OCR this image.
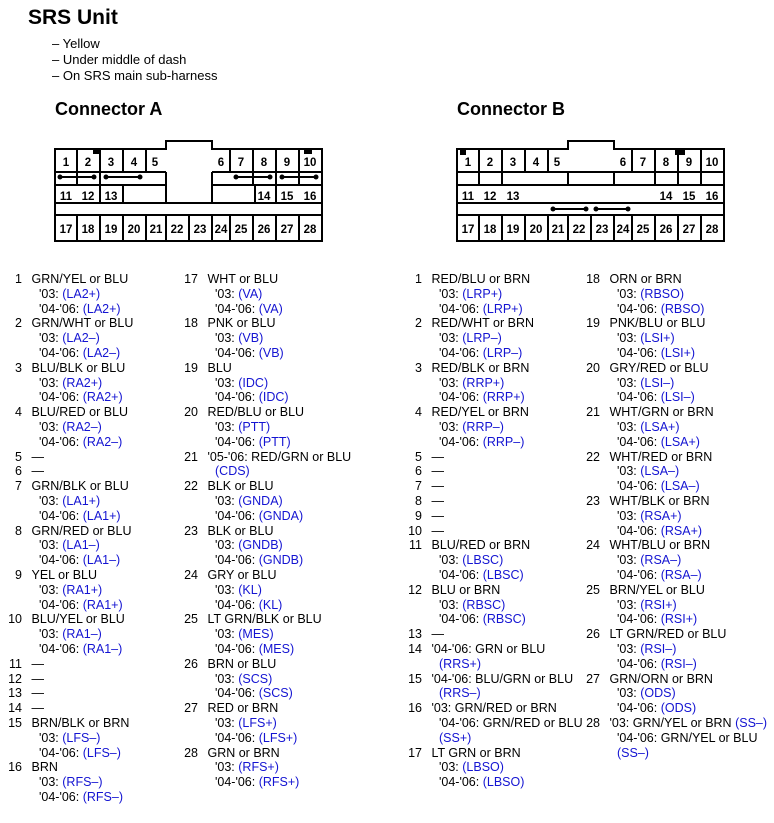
SRS Unit
– Yellow
– Under middle of dash
– On SRS main sub-harness
Connector A	Connector B
1 2 3 4 5	6 7 8 9 10
11 12 13	14 15 16
17 18 19 20 21 22 23 24 25 26 27 28
1 2 3 4 5	6 7 8 9 10
11 12 13	14 15 16
17 18 19 20 21 22 23 24 25 26 27 28
1 GRN/YEL or BLU
'03: (LA2+)
'04-'06: (LA2+)
2 GRN/WHT or BLU
'03: (LA2–)
'04-'06: (LA2–)
3 BLU/BLK or BLU
'03: (RA2+)
'04-'06: (RA2+)
4 BLU/RED or BLU
'03: (RA2–)
'04-'06: (RA2–)
5 —
6 —
7 GRN/BLK or BLU
'03: (LA1+)
'04-'06: (LA1+)
8 GRN/RED or BLU
'03: (LA1–)
'04-'06: (LA1–)
9 YEL or BLU
'03: (RA1+)
'04-'06: (RA1+)
10 BLU/YEL or BLU
'03: (RA1–)
'04-'06: (RA1–)
11 —
12 —
13 —
14 —
15 BRN/BLK or BRN
'03: (LFS–)
'04-'06: (LFS–)
16 BRN
'03: (RFS–)
'04-'06: (RFS–)
17 WHT or BLU
'03: (VA)
'04-'06: (VA)
18 PNK or BLU
'03: (VB)
'04-'06: (VB)
19 BLU
'03: (IDC)
'04-'06: (IDC)
20 RED/BLU or BLU
'03: (PTT)
'04-'06: (PTT)
21 '05-'06: RED/GRN or BLU
(CDS)
22 BLK or BLU
'03: (GNDA)
'04-'06: (GNDA)
23 BLK or BLU
'03: (GNDB)
'04-'06: (GNDB)
24 GRY or BLU
'03: (KL)
'04-'06: (KL)
25 LT GRN/BLK or BLU
'03: (MES)
'04-'06: (MES)
26 BRN or BLU
'03: (SCS)
'04-'06: (SCS)
27 RED or BRN
'03: (LFS+)
'04-'06: (LFS+)
28 GRN or BRN
'03: (RFS+)
'04-'06: (RFS+)
1 RED/BLU or BRN
'03: (LRP+)
'04-'06: (LRP+)
2 RED/WHT or BRN
'03: (LRP–)
'04-'06: (LRP–)
3 RED/BLK or BRN
'03: (RRP+)
'04-'06: (RRP+)
4 RED/YEL or BRN
'03: (RRP–)
'04-'06: (RRP–)
5 —
6 —
7 —
8 —
9 —
10 —
11 BLU/RED or BRN
'03: (LBSC)
'04-'06: (LBSC)
12 BLU or BRN
'03: (RBSC)
'04-'06: (RBSC)
13 —
14 '04-'06: GRN or BLU
(RRS+)
15 '04-'06: BLU/GRN or BLU
(RRS–)
16 '03: GRN/RED or BRN
'04-'06: GRN/RED or BLU
(SS+)
17 LT GRN or BRN
'03: (LBSO)
'04-'06: (LBSO)
18 ORN or BRN
'03: (RBSO)
'04-'06: (RBSO)
19 PNK/BLU or BLU
'03: (LSI+)
'04-'06: (LSI+)
20 GRY/RED or BLU
'03: (LSI–)
'04-'06: (LSI–)
21 WHT/GRN or BRN
'03: (LSA+)
'04-'06: (LSA+)
22 WHT/RED or BRN
'03: (LSA–)
'04-'06: (LSA–)
23 WHT/BLK or BRN
'03: (RSA+)
'04-'06: (RSA+)
24 WHT/BLU or BRN
'03: (RSA–)
'04-'06: (RSA–)
25 BRN/YEL or BLU
'03: (RSI+)
'04-'06: (RSI+)
26 LT GRN/RED or BLU
'03: (RSI–)
'04-'06: (RSI–)
27 GRN/ORN or BRN
'03: (ODS)
'04-'06: (ODS)
28 '03: GRN/YEL or BRN (SS–)
'04-'06: GRN/YEL or BLU
(SS–)
